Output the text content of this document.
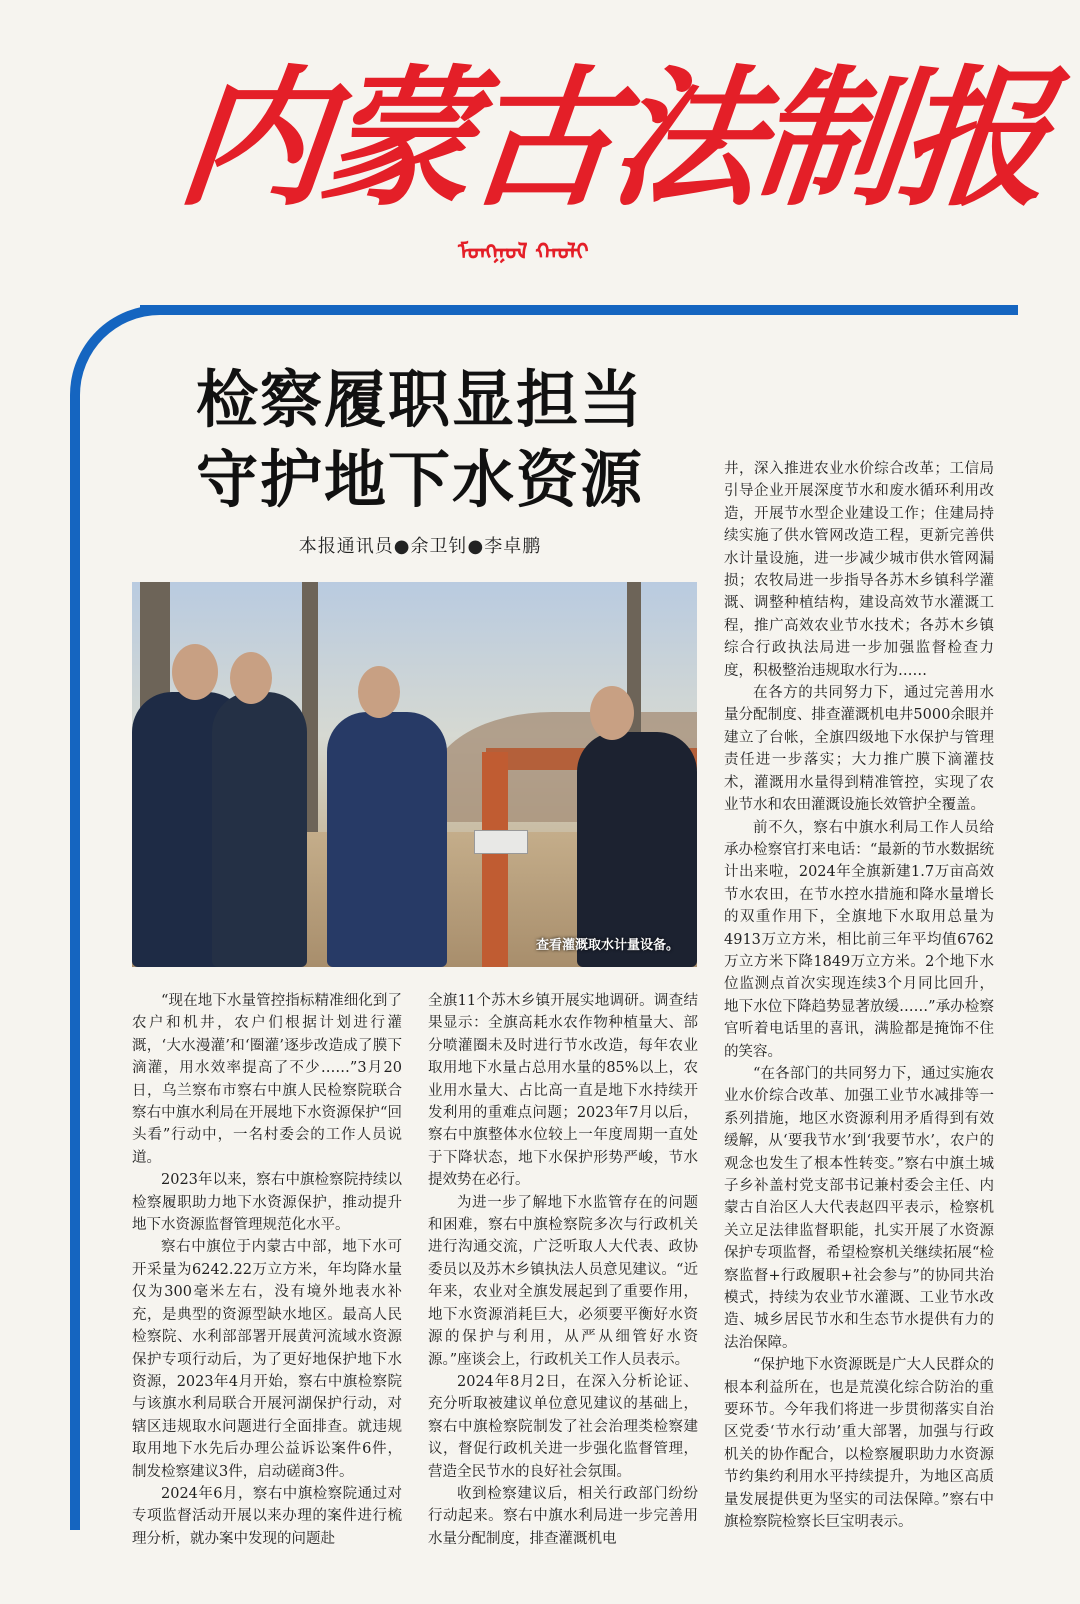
内蒙古法制报
ᠮᠣᠩᠭᠣᠯ ᠬᠠᠤᠯᠢ
检察履职显担当
守护地下水资源
本报通讯员●余卫钊●李卓鹏
查看灌溉取水计量设备。

“现在地下水量管控指标精准细化到了农户和机井，农户们根据计划进行灌溉，‘大水漫灌’和‘圈灌’逐步改造成了膜下滴灌，用水效率提高了不少……”3月20日，乌兰察布市察右中旗人民检察院联合察右中旗水利局在开展地下水资源保护“回头看”行动中，一名村委会的工作人员说道。

2023年以来，察右中旗检察院持续以检察履职助力地下水资源保护，推动提升地下水资源监督管理规范化水平。

察右中旗位于内蒙古中部，地下水可开采量为6242.22万立方米，年均降水量仅为300毫米左右，没有境外地表水补充，是典型的资源型缺水地区。最高人民检察院、水利部部署开展黄河流域水资源保护专项行动后，为了更好地保护地下水资源，2023年4月开始，察右中旗检察院与该旗水利局联合开展河湖保护行动，对辖区违规取水问题进行全面排查。就违规取用地下水先后办理公益诉讼案件6件，制发检察建议3件，启动磋商3件。

2024年6月，察右中旗检察院通过对专项监督活动开展以来办理的案件进行梳理分析，就办案中发现的问题赴

全旗11个苏木乡镇开展实地调研。调查结果显示：全旗高耗水农作物种植量大、部分喷灌圈未及时进行节水改造，每年农业取用地下水量占总用水量的85%以上，农业用水量大、占比高一直是地下水持续开发利用的重难点问题；2023年7月以后，察右中旗整体水位较上一年度周期一直处于下降状态，地下水保护形势严峻，节水提效势在必行。

为进一步了解地下水监管存在的问题和困难，察右中旗检察院多次与行政机关进行沟通交流，广泛听取人大代表、政协委员以及苏木乡镇执法人员意见建议。“近年来，农业对全旗发展起到了重要作用，地下水资源消耗巨大，必须要平衡好水资源的保护与利用，从严从细管好水资源。”座谈会上，行政机关工作人员表示。

2024年8月2日，在深入分析论证、充分听取被建议单位意见建议的基础上，察右中旗检察院制发了社会治理类检察建议，督促行政机关进一步强化监督管理，营造全民节水的良好社会氛围。

收到检察建议后，相关行政部门纷纷行动起来。察右中旗水利局进一步完善用水量分配制度，排查灌溉机电

井，深入推进农业水价综合改革；工信局引导企业开展深度节水和废水循环利用改造，开展节水型企业建设工作；住建局持续实施了供水管网改造工程，更新完善供水计量设施，进一步减少城市供水管网漏损；农牧局进一步指导各苏木乡镇科学灌溉、调整种植结构，建设高效节水灌溉工程，推广高效农业节水技术；各苏木乡镇综合行政执法局进一步加强监督检查力度，积极整治违规取水行为……

在各方的共同努力下，通过完善用水量分配制度、排查灌溉机电井5000余眼并建立了台帐，全旗四级地下水保护与管理责任进一步落实；大力推广膜下滴灌技术，灌溉用水量得到精准管控，实现了农业节水和农田灌溉设施长效管护全覆盖。

前不久，察右中旗水利局工作人员给承办检察官打来电话：“最新的节水数据统计出来啦，2024年全旗新建1.7万亩高效节水农田，在节水控水措施和降水量增长的双重作用下，全旗地下水取用总量为4913万立方米，相比前三年平均值6762万立方米下降1849万立方米。2个地下水位监测点首次实现连续3个月同比回升，地下水位下降趋势显著放缓……”承办检察官听着电话里的喜讯，满脸都是掩饰不住的笑容。

“在各部门的共同努力下，通过实施农业水价综合改革、加强工业节水减排等一系列措施，地区水资源利用矛盾得到有效缓解，从‘要我节水’到‘我要节水’，农户的观念也发生了根本性转变。”察右中旗土城子乡补盖村党支部书记兼村委会主任、内蒙古自治区人大代表赵四平表示，检察机关立足法律监督职能，扎实开展了水资源保护专项监督，希望检察机关继续拓展“检察监督+行政履职+社会参与”的协同共治模式，持续为农业节水灌溉、工业节水改造、城乡居民节水和生态节水提供有力的法治保障。

“保护地下水资源既是广大人民群众的根本利益所在，也是荒漠化综合防治的重要环节。今年我们将进一步贯彻落实自治区党委‘节水行动’重大部署，加强与行政机关的协作配合，以检察履职助力水资源节约集约利用水平持续提升，为地区高质量发展提供更为坚实的司法保障。”察右中旗检察院检察长巨宝明表示。
